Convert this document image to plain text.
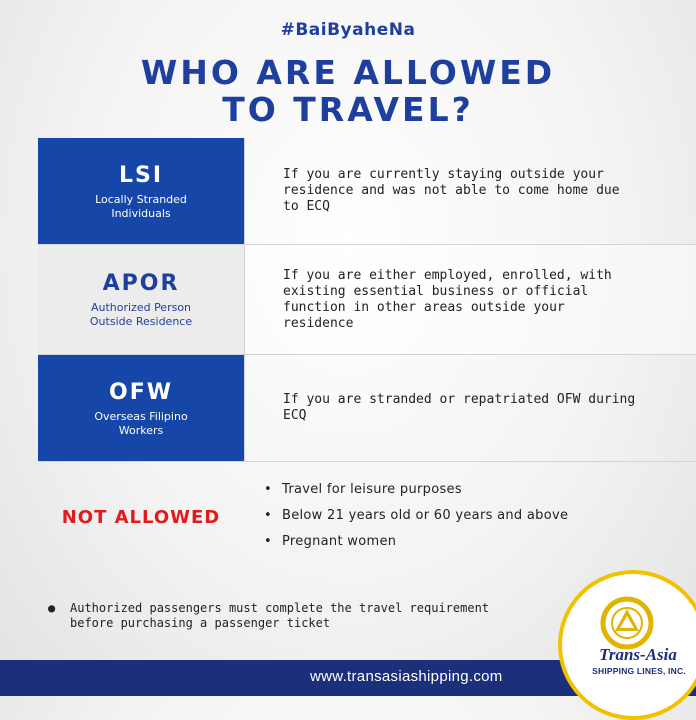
#BaiByaheNa
WHO ARE ALLOWED
TO TRAVEL?
LSI
Locally Stranded
Individuals
If you are currently staying outside your residence and was not able to come home due to ECQ
APOR
Authorized Person
Outside Residence
If you are either employed, enrolled, with existing essential business or official function in other areas outside your residence
OFW
Overseas Filipino
Workers
If you are stranded or repatriated OFW during ECQ
NOT ALLOWED
• Travel for leisure purposes
• Below 21 years old or 60 years and above
• Pregnant women
● Authorized passengers must complete the travel requirement before purchasing a passenger ticket
www.transasiashipping.com
Trans-Asia
SHIPPING LINES, INC.
